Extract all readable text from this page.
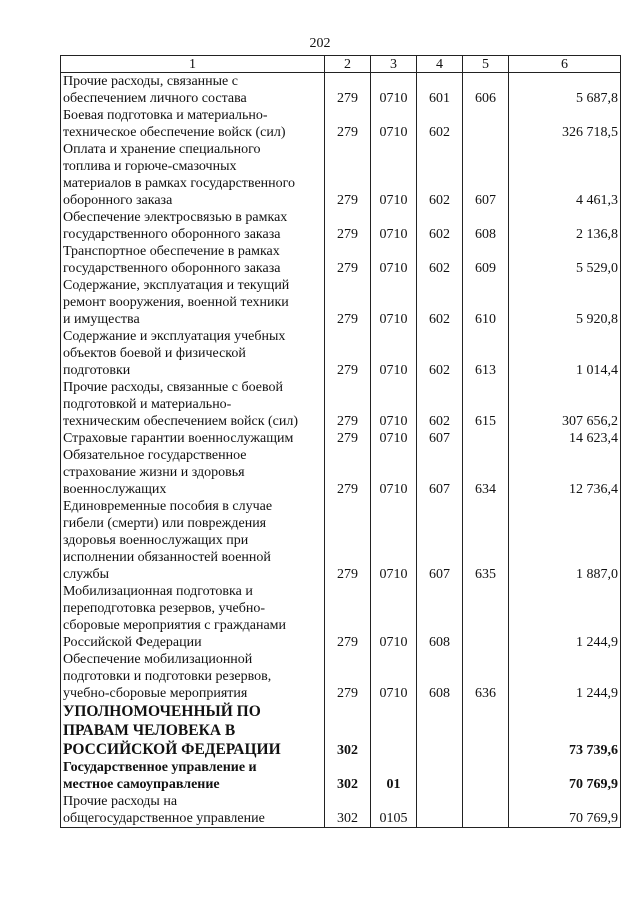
202
1	2	3	4	5	6
Прочие расходы, связанные с
обеспечением личного состава	279	0710	601	606	5 687,8
Боевая подготовка и материально-
техническое обеспечение войск (сил)	279	0710	602		326 718,5
Оплата и хранение специального
топлива и горюче-смазочных
материалов в рамках государственного
оборонного заказа	279	0710	602	607	4 461,3
Обеспечение электросвязью в рамках
государственного оборонного заказа	279	0710	602	608	2 136,8
Транспортное обеспечение в рамках
государственного оборонного заказа	279	0710	602	609	5 529,0
Содержание, эксплуатация и текущий
ремонт вооружения, военной техники
и имущества	279	0710	602	610	5 920,8
Содержание и эксплуатация учебных
объектов боевой и физической
подготовки	279	0710	602	613	1 014,4
Прочие расходы, связанные с боевой
подготовкой и материально-
техническим обеспечением войск (сил)	279	0710	602	615	307 656,2
Страховые гарантии военнослужащим	279	0710	607		14 623,4
Обязательное государственное
страхование жизни и здоровья
военнослужащих	279	0710	607	634	12 736,4
Единовременные пособия в случае
гибели (смерти) или повреждения
здоровья военнослужащих при
исполнении обязанностей военной
службы	279	0710	607	635	1 887,0
Мобилизационная подготовка и
переподготовка резервов, учебно-
сборовые мероприятия с гражданами
Российской Федерации	279	0710	608		1 244,9
Обеспечение мобилизационной
подготовки и подготовки резервов,
учебно-сборовые мероприятия	279	0710	608	636	1 244,9
УПОЛНОМОЧЕННЫЙ ПО
ПРАВАМ ЧЕЛОВЕКА В
РОССИЙСКОЙ ФЕДЕРАЦИИ	302				73 739,6
Государственное управление и
местное самоуправление	302	01			70 769,9
Прочие расходы на
общегосударственное управление	302	0105			70 769,9
